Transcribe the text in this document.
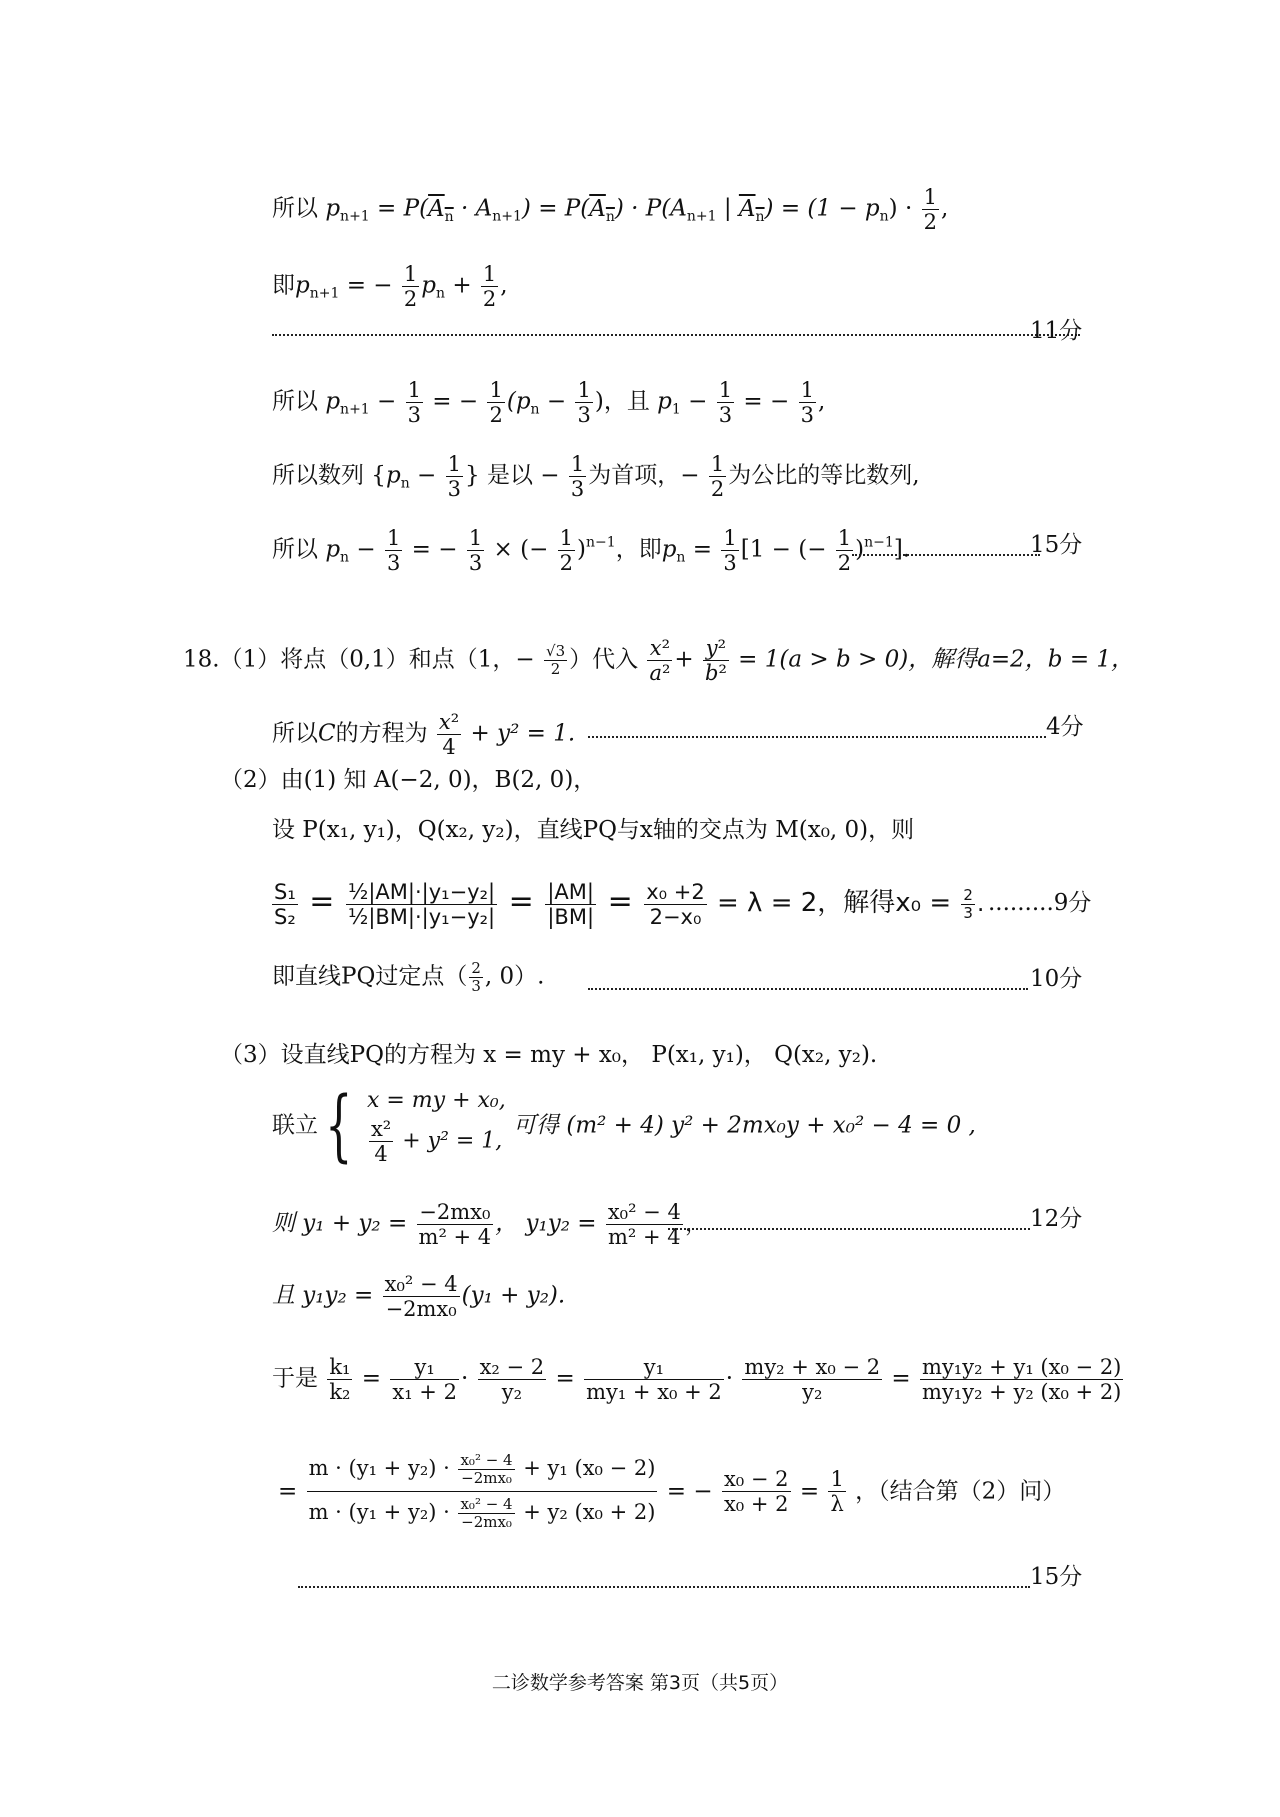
所以 $p_{n+1} = P(A_n \cdot A_{n+1}) = P(A_n) \cdot P(A_{n+1}$ | $A_n) = (1 - p_n) \cdot \frac{1}{2}$ ,
即$p_{n+1}$ = − $\frac{1}{2} p_n + \frac{1}{2}$ ,
11分
所以 $p_{n+1} - \frac{1}{3}$ = − $\frac{1}{2} (p_n - \frac{1}{3}$ )，且 $p_1 - \frac{1}{3}$ = − $\frac{1}{3}$ ,
所以数列 {$p_n - \frac{1}{3}$ } 是以 − $\frac{1}{3}$ 为首项，− $\frac{1}{2}$ 为公比的等比数列,
所以 $p_n - \frac{1}{3}$ = − $\frac{1}{3}$ × (− $\frac{1}{2} )^{n-1}$，即$p_n = \frac{1}{3} [1$ − (− $\frac{1}{2} )^{n-1}$].	15分
18.（1）将点（0,1）和点（1，− $\frac{√3}{2}$ ）代入 $\frac{\text{x²}}{\text{a²}} + \frac{\text{y²}}{\text{b²}} = 1(a > b > 0)$，解得a=2，b = 1，
所以C的方程为 $\frac{\text{x²}}{4} + y^2 = 1$.	4分
（2）由(1) 知 A(−2, 0)，B(2, 0)，
设 P(x₁, y₁)，Q(x₂, y₂)，直线PQ与x轴的交点为 M(x₀, 0)，则
$\frac{\text{S₁}}{\text{S₂}} = \frac{\text{½|AM|·|y₁−y₂|}}{\text{½|BM|·|y₁−y₂|}} = \frac{|AM|}{|BM|} = \frac{\text{x₀ +2}}{\text{2−x₀}} = \lambda = 2$，解得$x_0 = \frac{2}{3}$ . .........9分
即直线PQ过定点（ $\frac{2}{3}$ , 0）.	10分
（3）设直线PQ的方程为 x = my + x₀， P(x₁, y₁)， Q(x₂, y₂).
联立{ x = my + x₀,
$\frac{\text{x²}}{4} + y^2 = 1$,
可得 (m² + 4) y² + 2mx₀y + x₀² − 4 = 0 ,
则 $y_1 + y_2 = \frac{\text{−2mx₀}}{\text{m² + 4}}$ ， $y_1y_2 = \frac{\text{x₀² − 4}}{\text{m² + 4}}$ ，	12分
且 $y_1y_2 = \frac{\text{x₀² − 4}}{\text{−2mx₀}} (y_1 + y_2)$.
于是 $\frac{\text{k₁}}{\text{k₂}} = \frac{\text{y₁}}{\text{x₁ + 2}} \cdot \frac{\text{x₂ − 2}}{\text{y₂}} = \frac{\text{y₁}}{\text{my₁ + x₀ + 2}} \cdot \frac{\text{my₂ + x₀ − 2}}{\text{y₂}} = \frac{\text{my₁y₂ + y₁ (x₀ − 2)}}{\text{my₁y₂ + y₂ (x₀ + 2)}}$
= $\frac{m \cdot (y_1 + y_2) \cdot \frac{\text{x₀² − 4}}{\text{−2mx₀}} + y_1 (x_0 - 2)}{m \cdot (y_1 + y_2) \cdot \frac{\text{x₀² − 4}}{\text{−2mx₀}} + y_2 (x_0 + 2)}$ = − $\frac{\text{x₀ − 2}}{\text{x₀ + 2}} = \frac{1}{\lambda}$ ，（结合第（2）问）
15分
二诊数学参考答案 第3页（共5页）
